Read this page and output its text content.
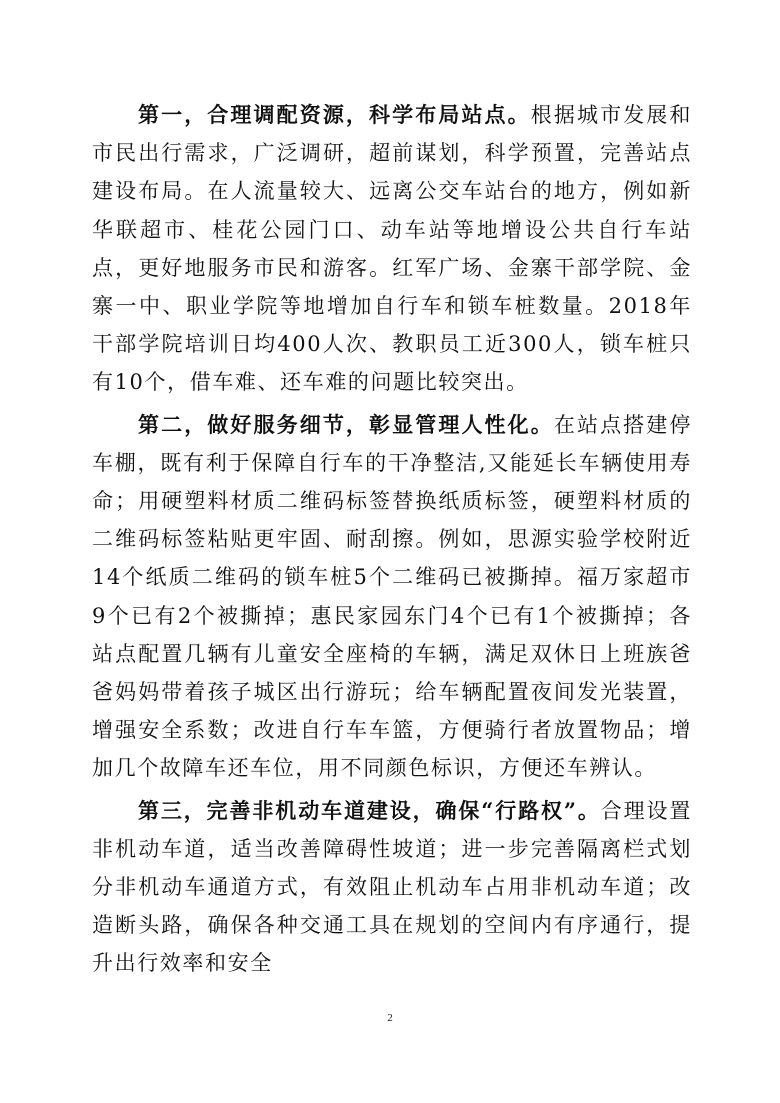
第一，合理调配资源，科学布局站点。根据城市发展和市民出行需求，广泛调研，超前谋划，科学预置，完善站点建设布局。在人流量较大、远离公交车站台的地方，例如新华联超市、桂花公园门口、动车站等地增设公共自行车站点，更好地服务市民和游客。红军广场、金寨干部学院、金寨一中、职业学院等地增加自行车和锁车桩数量。2018年干部学院培训日均400人次、教职员工近300人，锁车桩只有10个，借车难、还车难的问题比较突出。

第二，做好服务细节，彰显管理人性化。在站点搭建停车棚，既有利于保障自行车的干净整洁,又能延长车辆使用寿命；用硬塑料材质二维码标签替换纸质标签，硬塑料材质的二维码标签粘贴更牢固、耐刮擦。例如，思源实验学校附近14个纸质二维码的锁车桩5个二维码已被撕掉。福万家超市9个已有2个被撕掉；惠民家园东门4个已有1个被撕掉；各站点配置几辆有儿童安全座椅的车辆，满足双休日上班族爸爸妈妈带着孩子城区出行游玩；给车辆配置夜间发光装置，增强安全系数；改进自行车车篮，方便骑行者放置物品；增加几个故障车还车位，用不同颜色标识，方便还车辨认。

第三，完善非机动车道建设，确保“行路权”。合理设置非机动车道，适当改善障碍性坡道；进一步完善隔离栏式划分非机动车通道方式，有效阻止机动车占用非机动车道；改造断头路，确保各种交通工具在规划的空间内有序通行，提升出行效率和安全

2
